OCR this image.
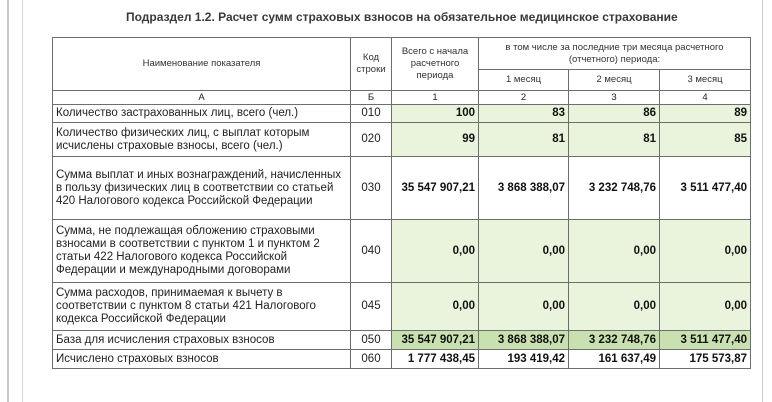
Подраздел 1.2. Расчет сумм страховых взносов на обязательное медицинское страхование
Наименование показателя	Код строки	Всего с начала расчетного периода	в том числе за последние три месяца расчетного (отчетного) периода:		
			1 месяц	2 месяц	3 месяц
А	Б	1	2	3	4
Количество застрахованных лиц, всего (чел.)	010	100	83	86	89
Количество физических лиц, с выплат которым исчислены страховые взносы, всего (чел.)	020	99	81	81	85
Сумма выплат и иных вознаграждений, начисленных в пользу физических лиц в соответствии со статьей 420 Налогового кодекса Российской Федерации	030	35 547 907,21	3 868 388,07	3 232 748,76	3 511 477,40
Сумма, не подлежащая обложению страховыми взносами в соответствии с пунктом 1 и пунктом 2 статьи 422 Налогового кодекса Российской Федерации и международными договорами	040	0,00	0,00	0,00	0,00
Сумма расходов, принимаемая к вычету в соответствии с пунктом 8 статьи 421 Налогового кодекса Российской Федерации	045	0,00	0,00	0,00	0,00
База для исчисления страховых взносов	050	35 547 907,21	3 868 388,07	3 232 748,76	3 511 477,40
Исчислено страховых взносов	060	1 777 438,45	193 419,42	161 637,49	175 573,87
